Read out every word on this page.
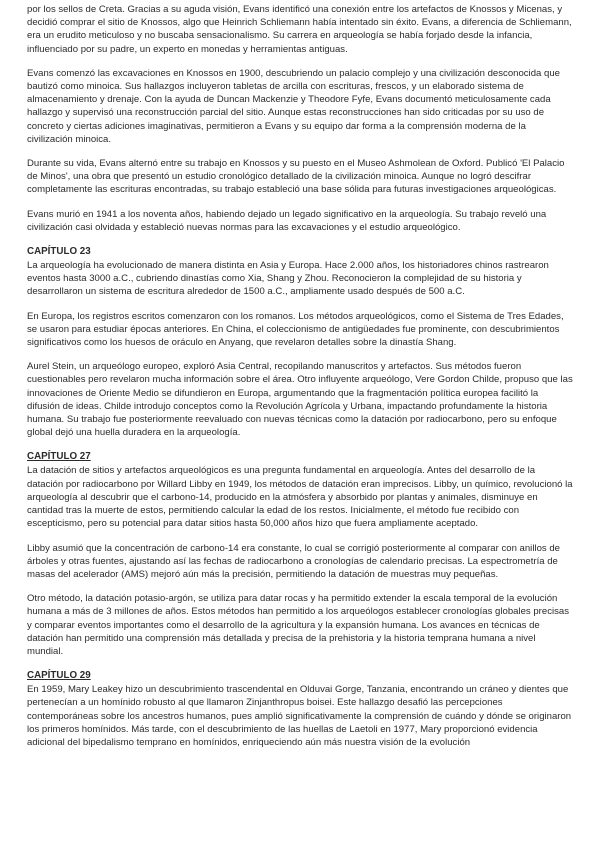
por los sellos de Creta. Gracias a su aguda visión, Evans identificó una conexión entre los artefactos de Knossos y Micenas, y decidió comprar el sitio de Knossos, algo que Heinrich Schliemann había intentado sin éxito. Evans, a diferencia de Schliemann, era un erudito meticuloso y no buscaba sensacionalismo. Su carrera en arqueología se había forjado desde la infancia, influenciado por su padre, un experto en monedas y herramientas antiguas.

Evans comenzó las excavaciones en Knossos en 1900, descubriendo un palacio complejo y una civilización desconocida que bautizó como minoica. Sus hallazgos incluyeron tabletas de arcilla con escrituras, frescos, y un elaborado sistema de almacenamiento y drenaje. Con la ayuda de Duncan Mackenzie y Theodore Fyfe, Evans documentó meticulosamente cada hallazgo y supervisó una reconstrucción parcial del sitio. Aunque estas reconstrucciones han sido criticadas por su uso de concreto y ciertas adiciones imaginativas, permitieron a Evans y su equipo dar forma a la comprensión moderna de la civilización minoica.

Durante su vida, Evans alternó entre su trabajo en Knossos y su puesto en el Museo Ashmolean de Oxford. Publicó 'El Palacio de Minos', una obra que presentó un estudio cronológico detallado de la civilización minoica. Aunque no logró descifrar completamente las escrituras encontradas, su trabajo estableció una base sólida para futuras investigaciones arqueológicas.

Evans murió en 1941 a los noventa años, habiendo dejado un legado significativo en la arqueología. Su trabajo reveló una civilización casi olvidada y estableció nuevas normas para las excavaciones y el estudio arqueológico.

CAPÍTULO 23

La arqueología ha evolucionado de manera distinta en Asia y Europa. Hace 2.000 años, los historiadores chinos rastrearon eventos hasta 3000 a.C., cubriendo dinastías como Xia, Shang y Zhou. Reconocieron la complejidad de su historia y desarrollaron un sistema de escritura alrededor de 1500 a.C., ampliamente usado después de 500 a.C.

En Europa, los registros escritos comenzaron con los romanos. Los métodos arqueológicos, como el Sistema de Tres Edades, se usaron para estudiar épocas anteriores. En China, el coleccionismo de antigüedades fue prominente, con descubrimientos significativos como los huesos de oráculo en Anyang, que revelaron detalles sobre la dinastía Shang.

Aurel Stein, un arqueólogo europeo, exploró Asia Central, recopilando manuscritos y artefactos. Sus métodos fueron cuestionables pero revelaron mucha información sobre el área. Otro influyente arqueólogo, Vere Gordon Childe, propuso que las innovaciones de Oriente Medio se difundieron en Europa, argumentando que la fragmentación política europea facilitó la difusión de ideas. Childe introdujo conceptos como la Revolución Agrícola y Urbana, impactando profundamente la historia humana. Su trabajo fue posteriormente reevaluado con nuevas técnicas como la datación por radiocarbono, pero su enfoque global dejó una huella duradera en la arqueología.

CAPÍTULO 27

La datación de sitios y artefactos arqueológicos es una pregunta fundamental en arqueología. Antes del desarrollo de la datación por radiocarbono por Willard Libby en 1949, los métodos de datación eran imprecisos. Libby, un químico, revolucionó la arqueología al descubrir que el carbono-14, producido en la atmósfera y absorbido por plantas y animales, disminuye en cantidad tras la muerte de estos, permitiendo calcular la edad de los restos. Inicialmente, el método fue recibido con escepticismo, pero su potencial para datar sitios hasta 50,000 años hizo que fuera ampliamente aceptado.

Libby asumió que la concentración de carbono-14 era constante, lo cual se corrigió posteriormente al comparar con anillos de árboles y otras fuentes, ajustando así las fechas de radiocarbono a cronologías de calendario precisas. La espectrometría de masas del acelerador (AMS) mejoró aún más la precisión, permitiendo la datación de muestras muy pequeñas.

Otro método, la datación potasio-argón, se utiliza para datar rocas y ha permitido extender la escala temporal de la evolución humana a más de 3 millones de años. Estos métodos han permitido a los arqueólogos establecer cronologías globales precisas y comparar eventos importantes como el desarrollo de la agricultura y la expansión humana. Los avances en técnicas de datación han permitido una comprensión más detallada y precisa de la prehistoria y la historia temprana humana a nivel mundial.

CAPÍTULO 29

En 1959, Mary Leakey hizo un descubrimiento trascendental en Olduvai Gorge, Tanzania, encontrando un cráneo y dientes que pertenecían a un homínido robusto al que llamaron Zinjanthropus boisei. Este hallazgo desafió las percepciones contemporáneas sobre los ancestros humanos, pues amplió significativamente la comprensión de cuándo y dónde se originaron los primeros homínidos. Más tarde, con el descubrimiento de las huellas de Laetoli en 1977, Mary proporcionó evidencia adicional del bipedalismo temprano en homínidos, enriqueciendo aún más nuestra visión de la evolución
